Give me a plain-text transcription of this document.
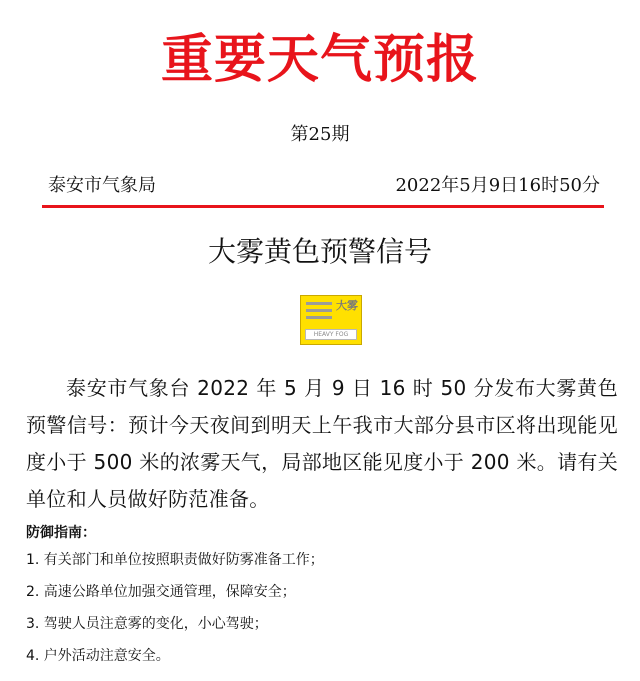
重要天气预报
第25期
泰安市气象局	2022年5月9日16时50分
大雾黄色预警信号
大雾
HEAVY FOG
泰安市气象台 2022 年 5 月 9 日 16 时 50 分发布大雾黄色预警信号：预计今天夜间到明天上午我市大部分县市区将出现能见度小于 500 米的浓雾天气，局部地区能见度小于 200 米。请有关单位和人员做好防范准备。
防御指南：
1. 有关部门和单位按照职责做好防雾准备工作；
2. 高速公路单位加强交通管理，保障安全；
3. 驾驶人员注意雾的变化，小心驾驶；
4. 户外活动注意安全。
